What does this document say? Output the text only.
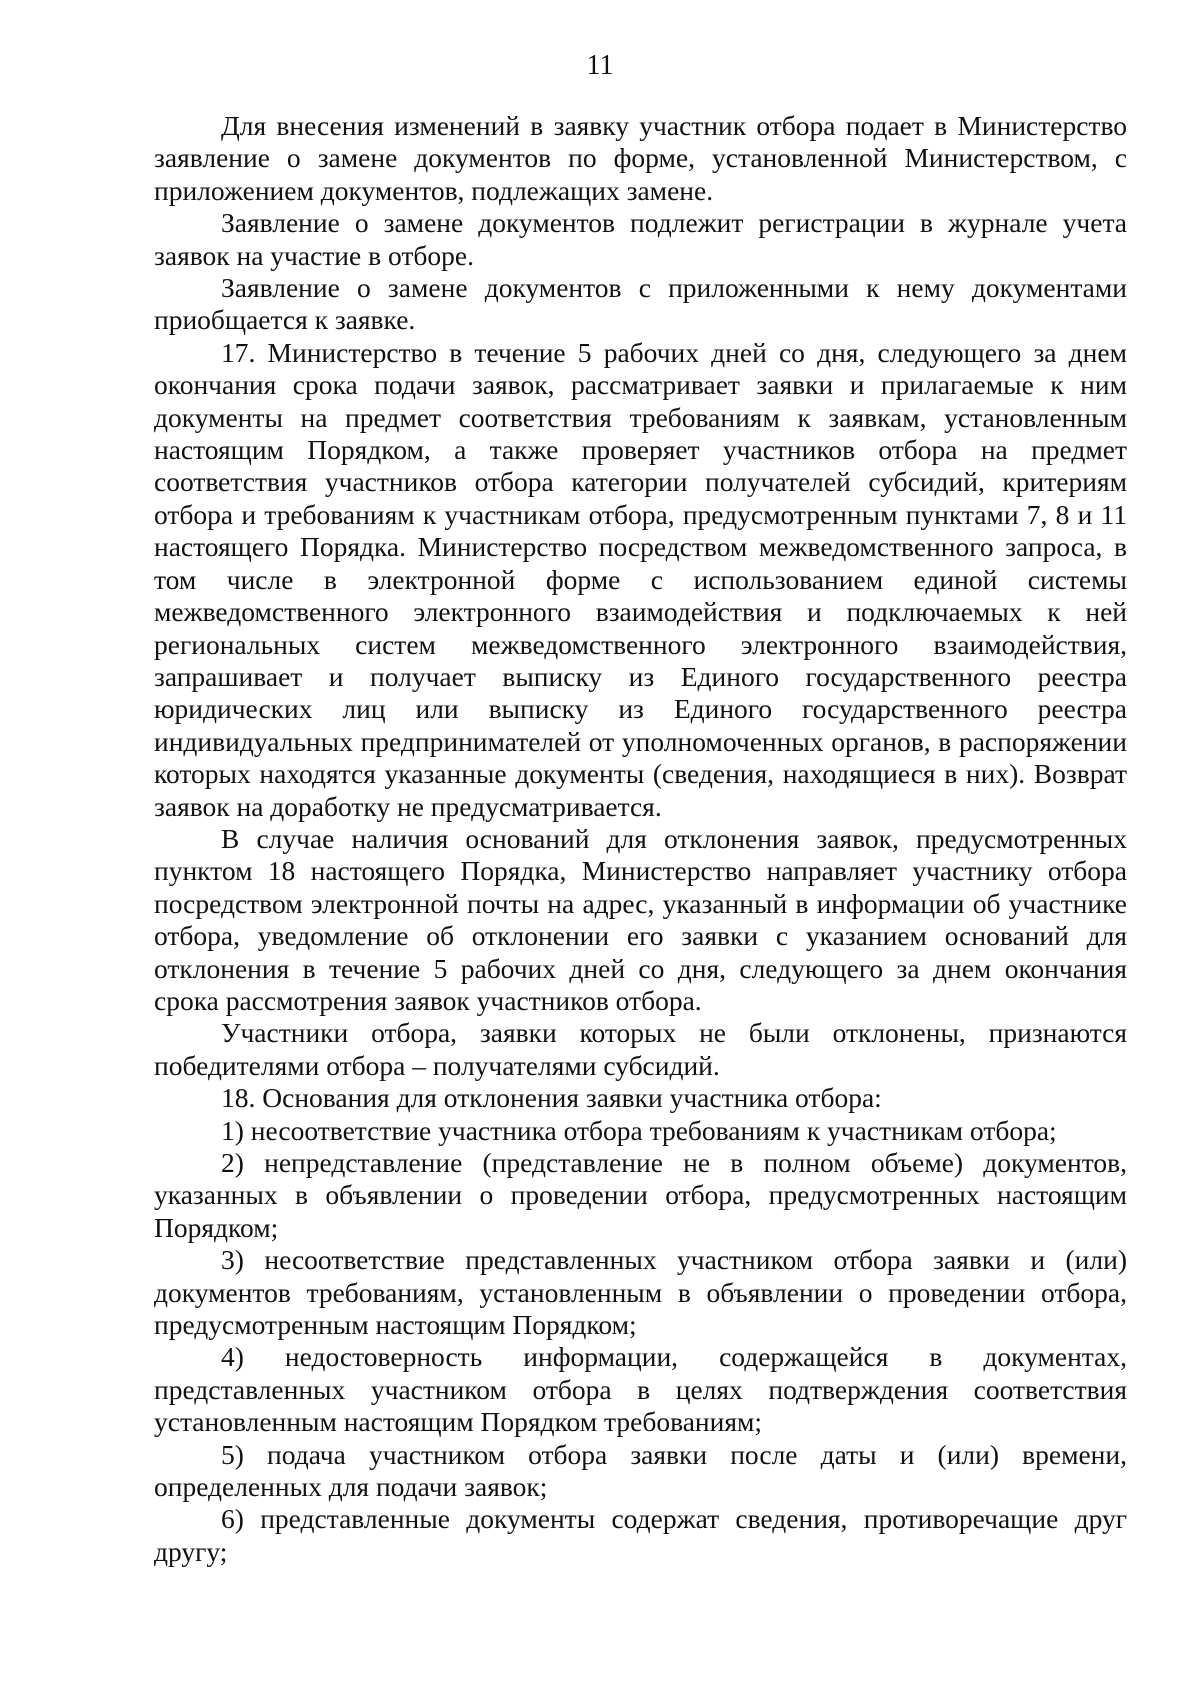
11

Для внесения изменений в заявку участник отбора подает в Министерство заявление о замене документов по форме, установленной Министерством, с приложением документов, подлежащих замене.

Заявление о замене документов подлежит регистрации в журнале учета заявок на участие в отборе.

Заявление о замене документов с приложенными к нему документами приобщается к заявке.

17. Министерство в течение 5 рабочих дней со дня, следующего за днем окончания срока подачи заявок, рассматривает заявки и прилагаемые к ним документы на предмет соответствия требованиям к заявкам, установленным настоящим Порядком, а также проверяет участников отбора на предмет соответствия участников отбора категории получателей субсидий, критериям отбора и требованиям к участникам отбора, предусмотренным пунктами 7, 8 и 11 настоящего Порядка. Министерство посредством межведомственного запроса, в том числе в электронной форме с использованием единой системы межведомственного электронного взаимодействия и подключаемых к ней региональных систем межведомственного электронного взаимодействия, запрашивает и получает выписку из Единого государственного реестра юридических лиц или выписку из Единого государственного реестра индивидуальных предпринимателей от уполномоченных органов, в распоряжении которых находятся указанные документы (сведения, находящиеся в них). Возврат заявок на доработку не предусматривается.

В случае наличия оснований для отклонения заявок, предусмотренных пунктом 18 настоящего Порядка, Министерство направляет участнику отбора посредством электронной почты на адрес, указанный в информации об участнике отбора, уведомление об отклонении его заявки с указанием оснований для отклонения в течение 5 рабочих дней со дня, следующего за днем окончания срока рассмотрения заявок участников отбора.

Участники отбора, заявки которых не были отклонены, признаются победителями отбора – получателями субсидий.

18. Основания для отклонения заявки участника отбора:

1) несоответствие участника отбора требованиям к участникам отбора;

2) непредставление (представление не в полном объеме) документов, указанных в объявлении о проведении отбора, предусмотренных настоящим Порядком;

3) несоответствие представленных участником отбора заявки и (или) документов требованиям, установленным в объявлении о проведении отбора, предусмотренным настоящим Порядком;

4) недостоверность информации, содержащейся в документах, представленных участником отбора в целях подтверждения соответствия установленным настоящим Порядком требованиям;

5) подача участником отбора заявки после даты и (или) времени, определенных для подачи заявок;

6) представленные документы содержат сведения, противоречащие друг другу;
